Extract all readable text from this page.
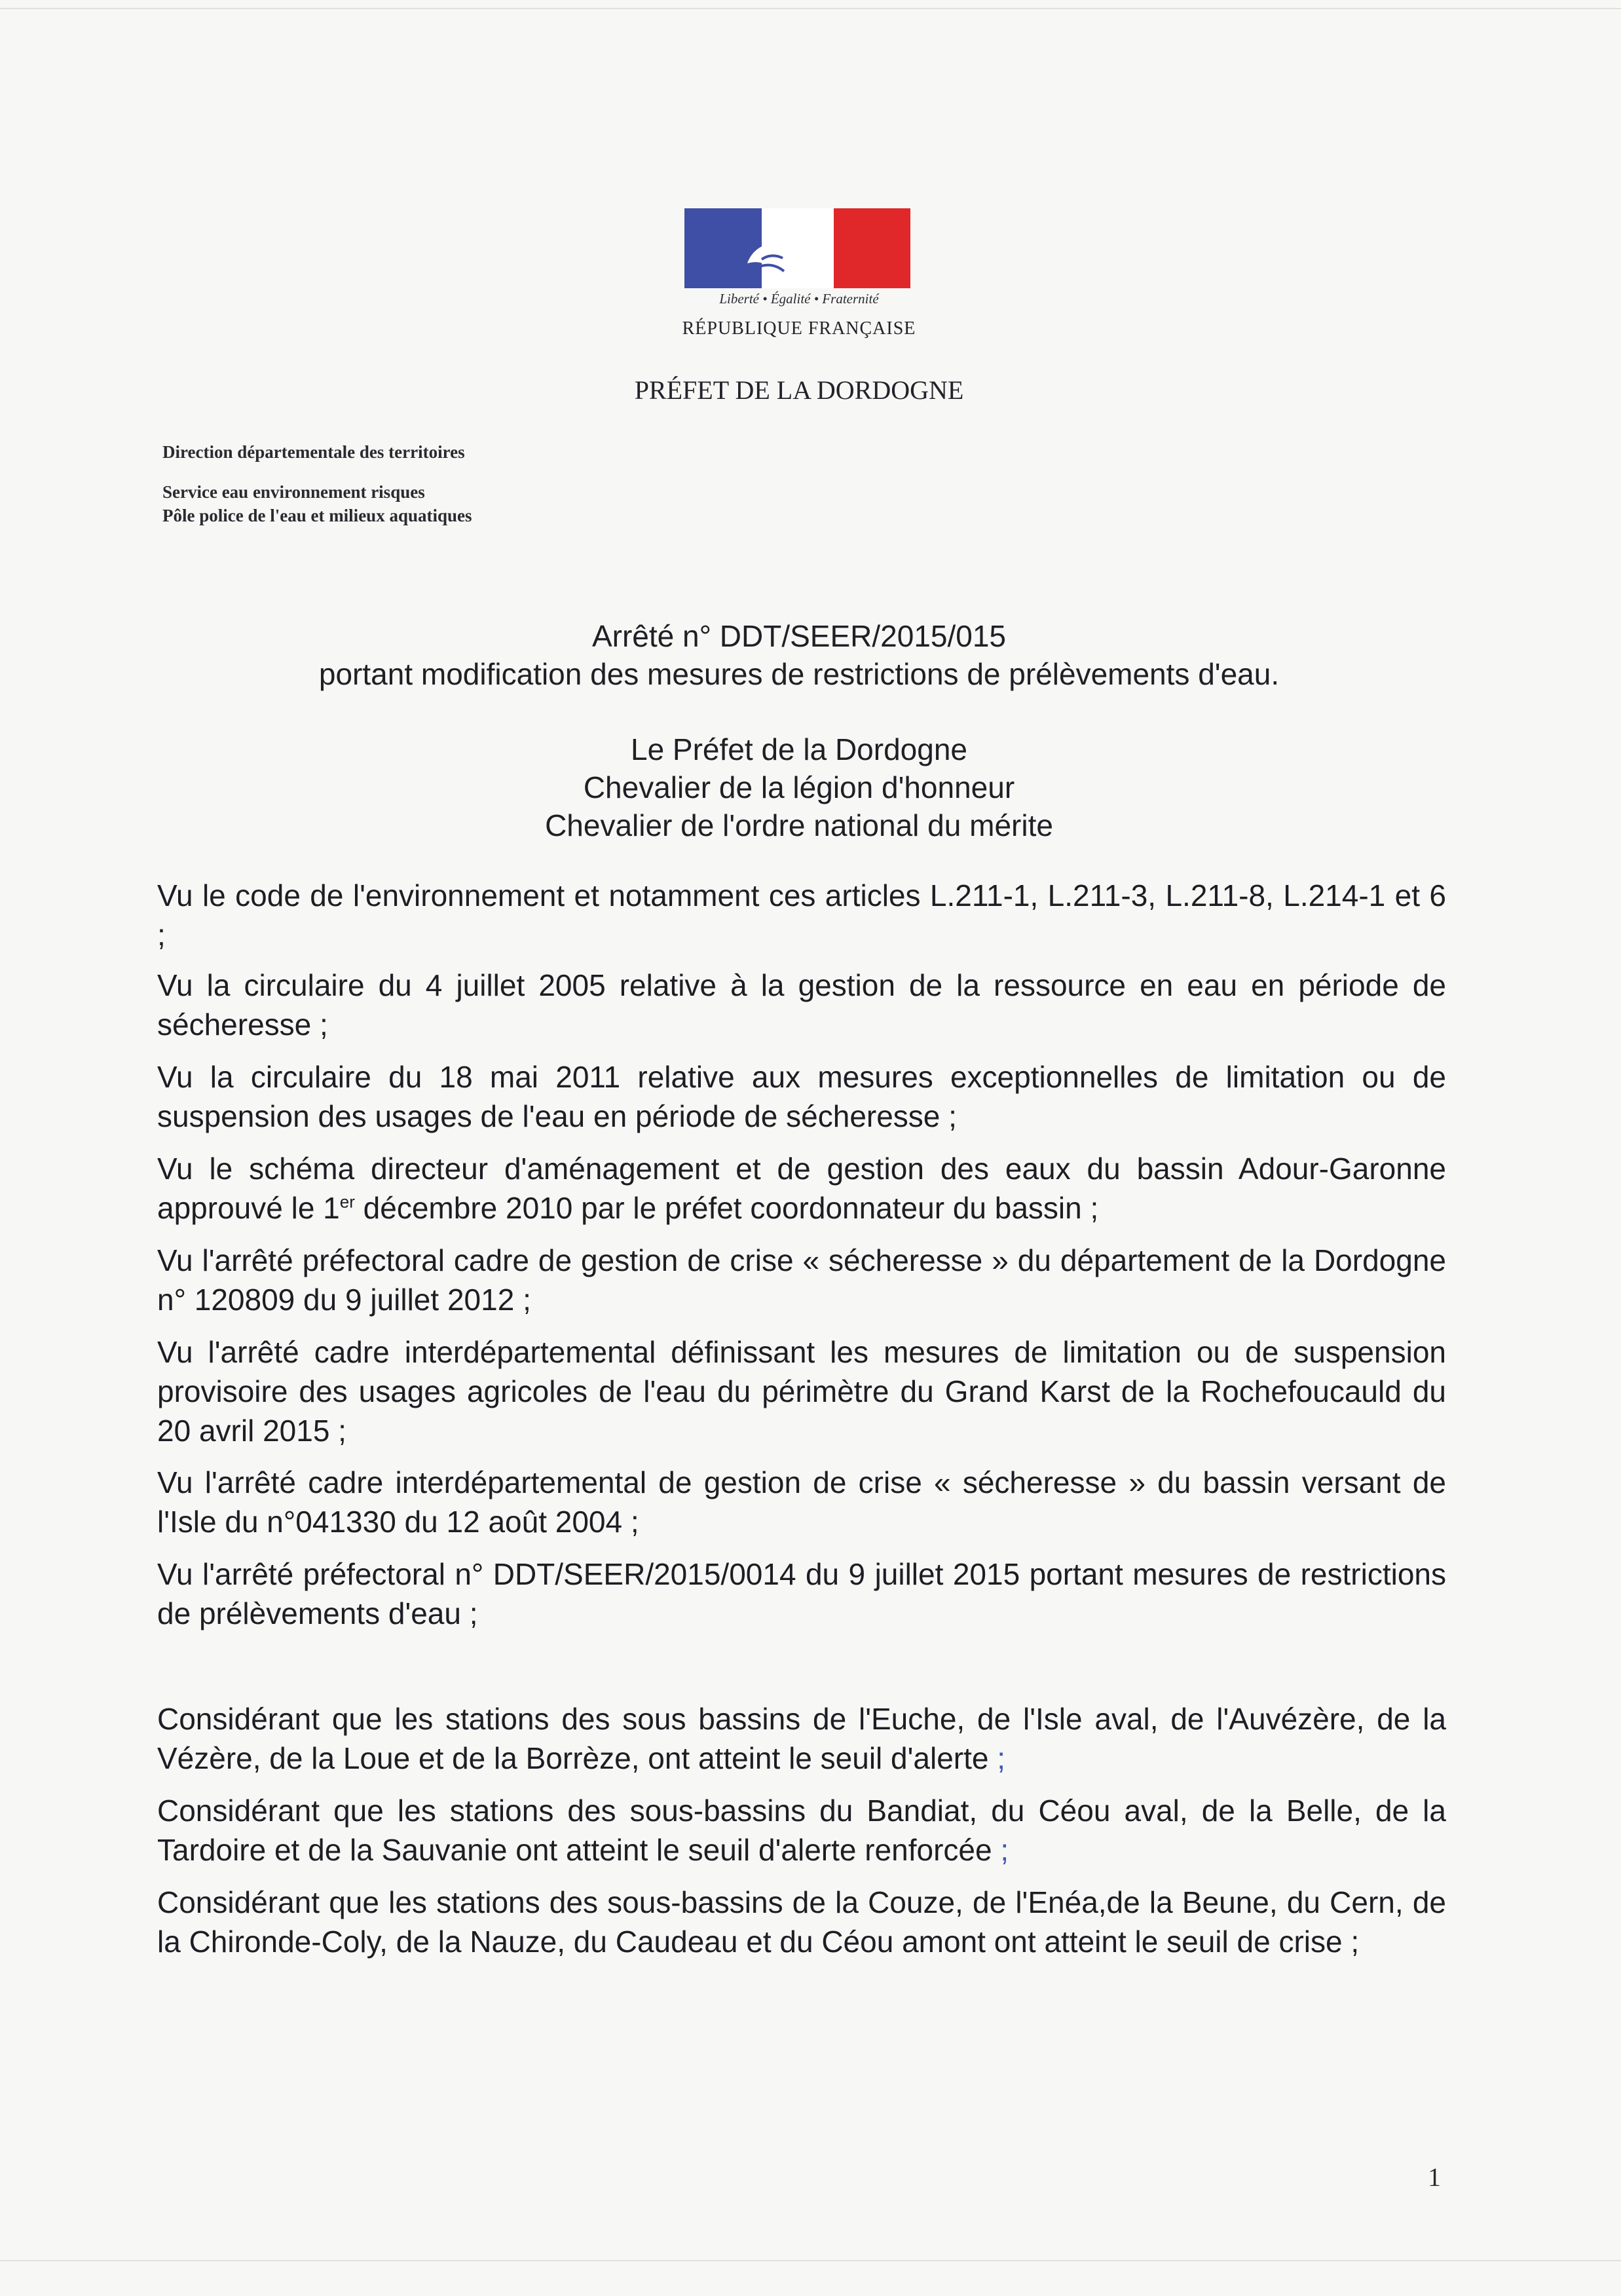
Liberté • Égalité • Fraternité
RÉPUBLIQUE FRANÇAISE
PRÉFET DE LA DORDOGNE
Direction départementale des territoires
Service eau environnement risques
Pôle police de l'eau et milieux aquatiques
Arrêté n° DDT/SEER/2015/015
portant modification des mesures de restrictions de prélèvements d'eau.
Le Préfet de la Dordogne
Chevalier de la légion d'honneur
Chevalier de l'ordre national du mérite

Vu le code de l'environnement et notamment ces articles L.211-1, L.211-3, L.211-8, L.214-1 et 6 ;

Vu la circulaire du 4 juillet 2005 relative à la gestion de la ressource en eau en période de sécheresse ;

Vu la circulaire du 18 mai 2011 relative aux mesures exceptionnelles de limitation ou de suspension des usages de l'eau en période de sécheresse ;

Vu le schéma directeur d'aménagement et de gestion des eaux du bassin Adour-Garonne approuvé le 1er décembre 2010 par le préfet coordonnateur du bassin ;

Vu l'arrêté préfectoral cadre de gestion de crise « sécheresse » du département de la Dordogne n° 120809 du 9 juillet 2012 ;

Vu l'arrêté cadre interdépartemental définissant les mesures de limitation ou de suspension provisoire des usages agricoles de l'eau du périmètre du Grand Karst de la Rochefoucauld du 20 avril 2015 ;

Vu l'arrêté cadre interdépartemental de gestion de crise « sécheresse » du bassin versant de l'Isle du n°041330 du 12 août 2004 ;

Vu l'arrêté préfectoral n° DDT/SEER/2015/0014 du 9 juillet 2015 portant mesures de restrictions de prélèvements d'eau ;

Considérant que les stations des sous bassins de l'Euche, de l'Isle aval, de l'Auvézère, de la Vézère, de la Loue et de la Borrèze, ont atteint le seuil d'alerte ;

Considérant que les stations des sous-bassins du Bandiat, du Céou aval, de la Belle, de la Tardoire et de la Sauvanie ont atteint le seuil d'alerte renforcée ;

Considérant que les stations des sous-bassins de la Couze, de l'Enéa,de la Beune, du Cern, de la Chironde-Coly, de la Nauze, du Caudeau et du Céou amont ont atteint le seuil de crise ;

1
